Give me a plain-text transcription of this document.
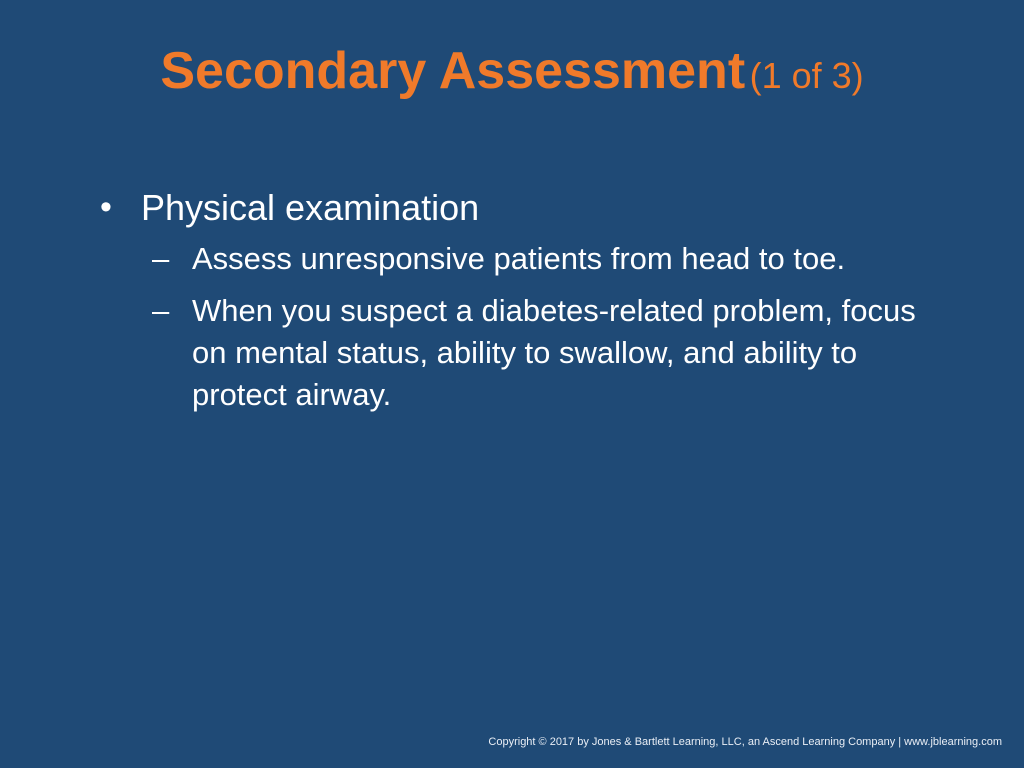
Secondary Assessment (1 of 3)
• Physical examination
– Assess unresponsive patients from head to toe.
– When you suspect a diabetes-related problem, focus on mental status, ability to swallow, and ability to protect airway.
Copyright © 2017 by Jones & Bartlett Learning, LLC, an Ascend Learning Company | www.jblearning.com
